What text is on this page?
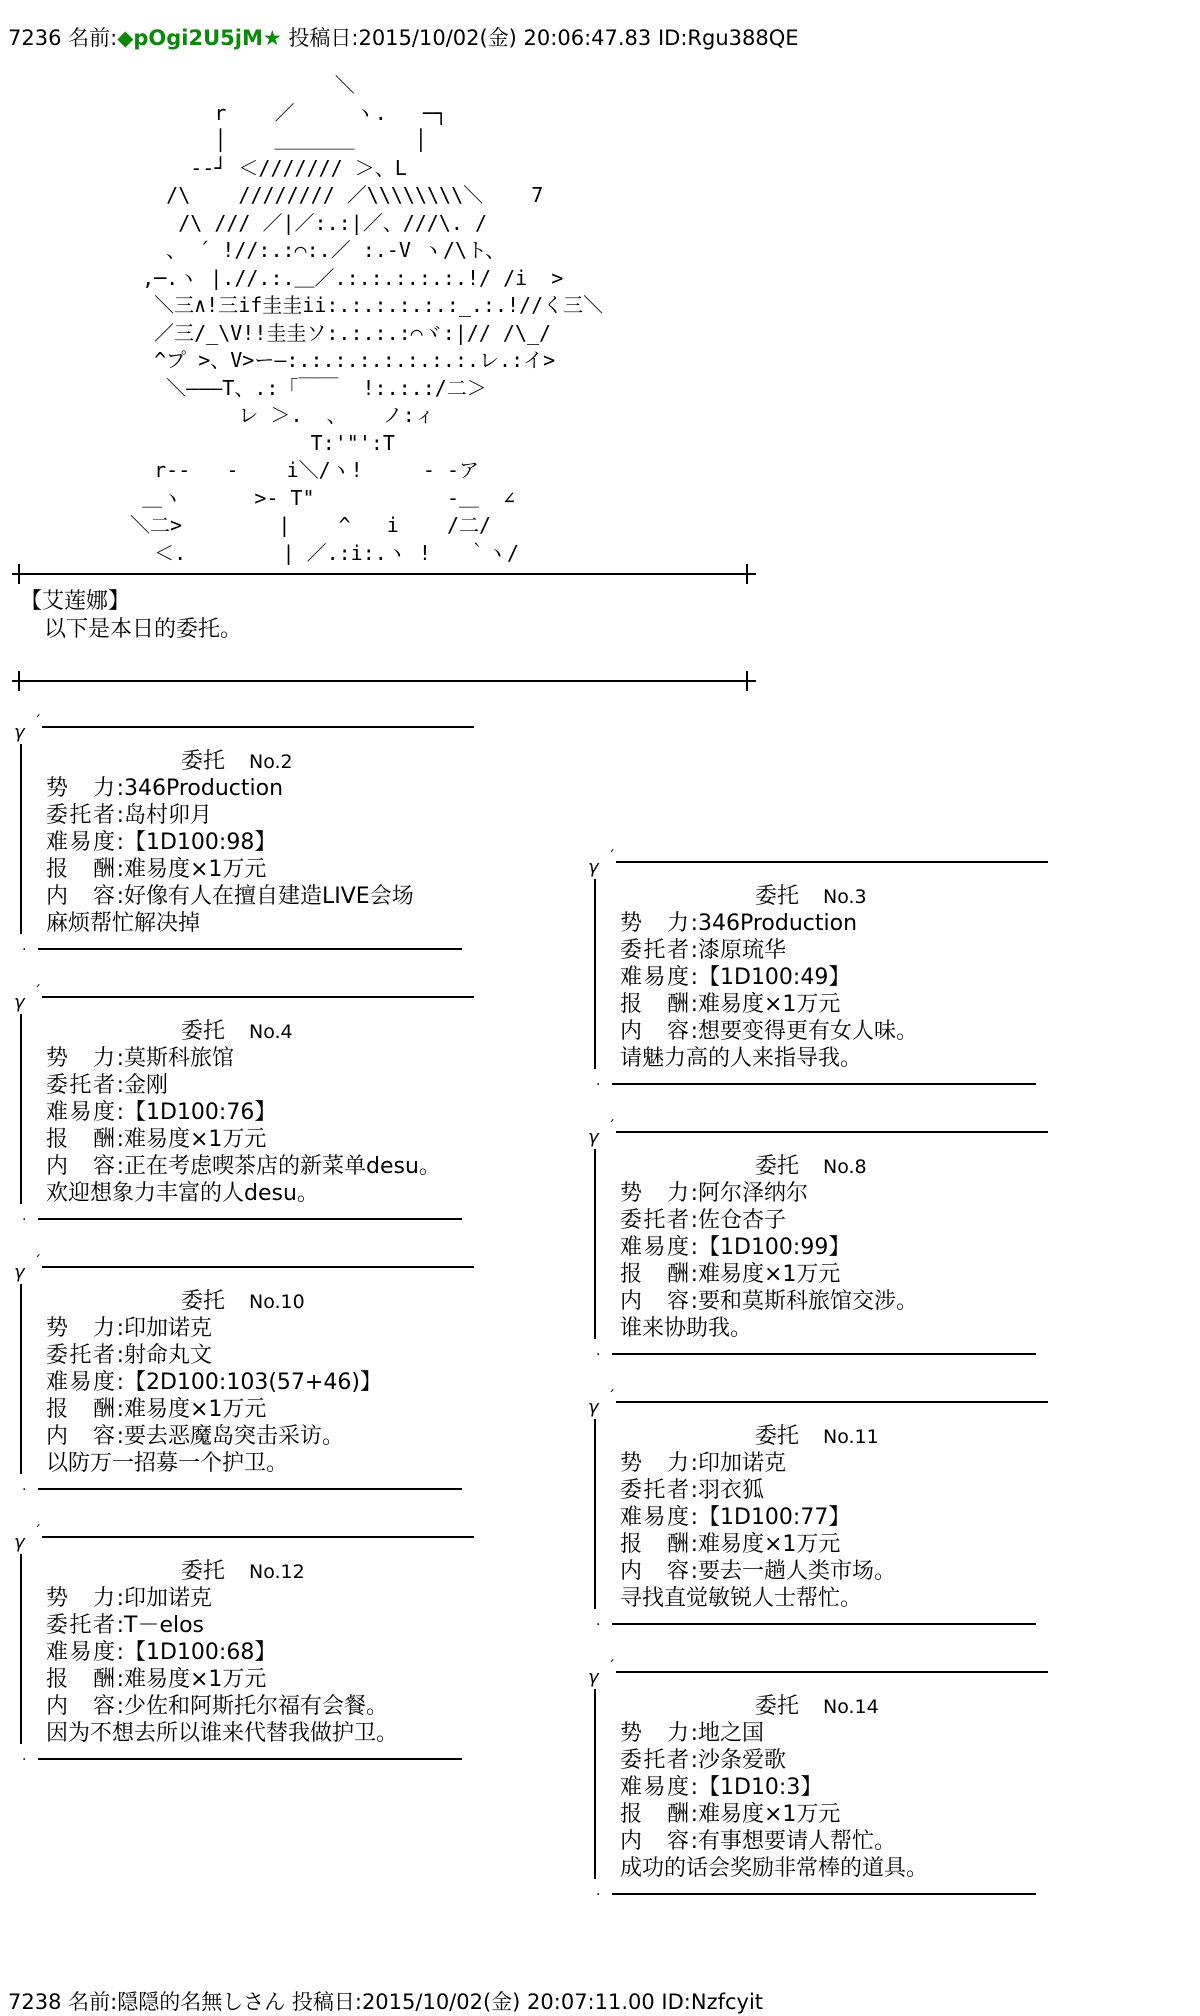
7236 名前:◆pOgi2U5jM★ 投稿日:2015/10/02(金) 20:06:47.83 ID:Rgu388QE
＼
r    ／     ヽ.   ─┐
│    ＿＿＿＿     │
‐‐┘ ＜/////// ＞、L
/\    //////// ／\\\\\\\\＼    7
/\ /// ／|／:.:|／、///\. /
、 ´ !//:.:⌒:.／ :.-V ヽ/\ト、
,─.ヽ |.//.:.＿／.:.:.:.:.:.!/ /i  >
＼三∧!三if圭圭ii:.:.:.:.:.:_.:.!//く三＼
／三/_\V!!圭圭ソ:.:.:.:⌒ヾ:|// /\_/
^プ >、V>ー―:.:.:.:.:.:.:.:.レ.:イ>
＼―――T、.:「￣￣  !:.:.:/二＞
レ ＞.  、   ノ:ィ
T:'"':T
r‐-   -    i＼/ヽ!     - -ア
＿ヽ      >‐ T"           ‐＿  ∠
＼二>        |    ^   i    /二/
＜.        | ／.:i:.ヽ !   ｀ヽ/
【艾莲娜】
以下是本日的委托。
γ ´
委托 No.2
势　力:346Production
委托者:岛村卯月
难易度:【1D100:98】
报　酬:难易度×1万元
内　容:好像有人在擅自建造LIVE会场
麻烦帮忙解决掉
.
γ ´
委托 No.4
势　力:莫斯科旅馆
委托者:金刚
难易度:【1D100:76】
报　酬:难易度×1万元
内　容:正在考虑喫茶店的新菜单desu。
欢迎想象力丰富的人desu。
.
γ ´
委托 No.10
势　力:印加诺克
委托者:射命丸文
难易度:【2D100:103(57+46)】
报　酬:难易度×1万元
内　容:要去恶魔岛突击采访。
以防万一招募一个护卫。
.
γ ´
委托 No.12
势　力:印加诺克
委托者:T－elos
难易度:【1D100:68】
报　酬:难易度×1万元
内　容:少佐和阿斯托尔福有会餐。
因为不想去所以谁来代替我做护卫。
.
γ ´
委托 No.3
势　力:346Production
委托者:漆原琉华
难易度:【1D100:49】
报　酬:难易度×1万元
内　容:想要变得更有女人味。
请魅力高的人来指导我。
.
γ ´
委托 No.8
势　力:阿尔泽纳尔
委托者:佐仓杏子
难易度:【1D100:99】
报　酬:难易度×1万元
内　容:要和莫斯科旅馆交涉。
谁来协助我。
.
γ ´
委托 No.11
势　力:印加诺克
委托者:羽衣狐
难易度:【1D100:77】
报　酬:难易度×1万元
内　容:要去一趟人类市场。
寻找直觉敏锐人士帮忙。
.
γ ´
委托 No.14
势　力:地之国
委托者:沙条爱歌
难易度:【1D10:3】
报　酬:难易度×1万元
内　容:有事想要请人帮忙。
成功的话会奖励非常棒的道具。
.
7238 名前:隠隠的名無しさん 投稿日:2015/10/02(金) 20:07:11.00 ID:Nzfcyit
